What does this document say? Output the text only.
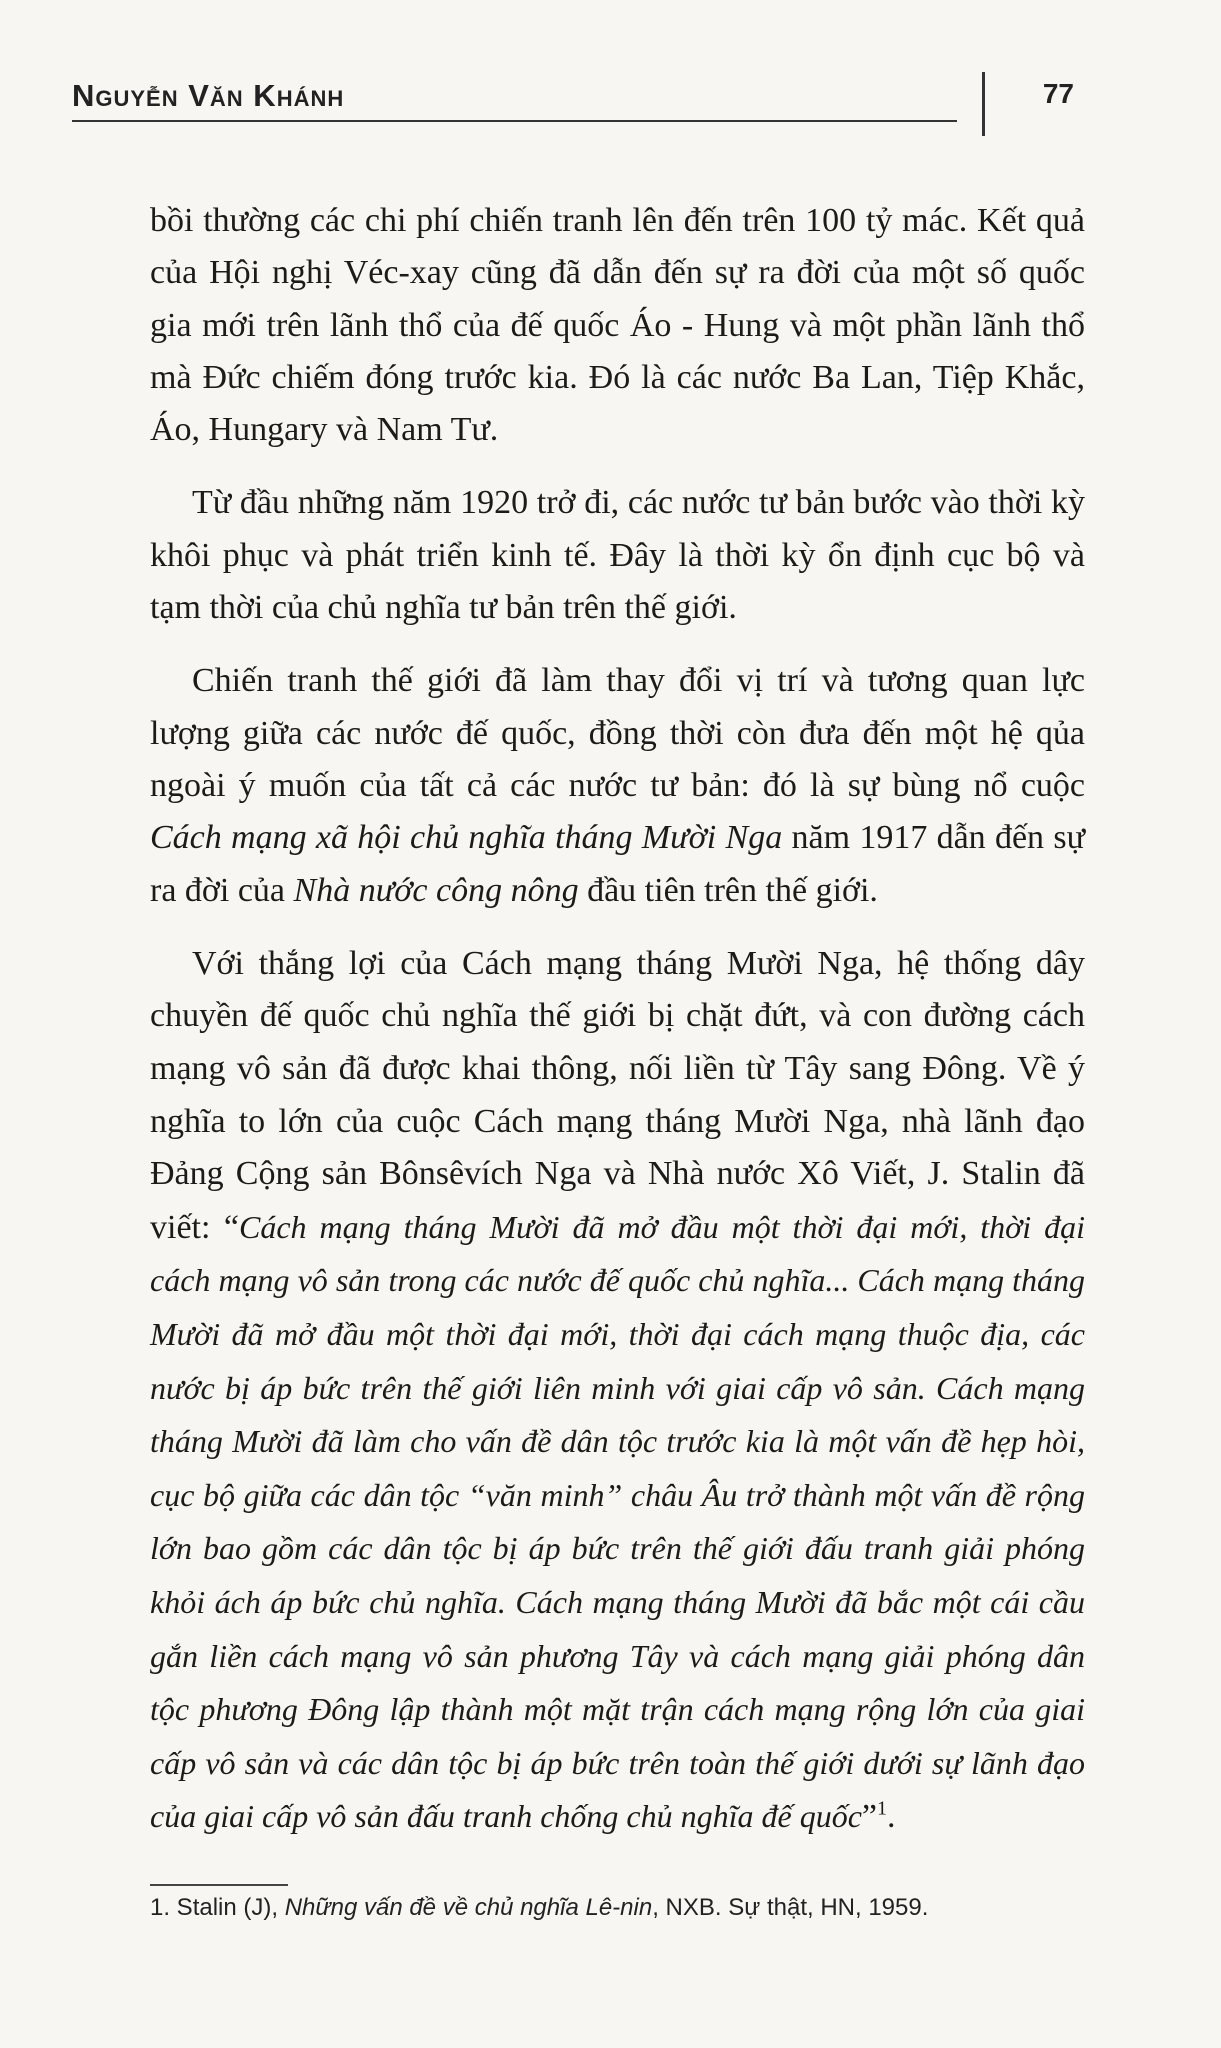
Nguyễn Văn Khánh	77

bồi thường các chi phí chiến tranh lên đến trên 100 tỷ mác. Kết quả của Hội nghị Véc-xay cũng đã dẫn đến sự ra đời của một số quốc gia mới trên lãnh thổ của đế quốc Áo - Hung và một phần lãnh thổ mà Đức chiếm đóng trước kia. Đó là các nước Ba Lan, Tiệp Khắc, Áo, Hungary và Nam Tư.

Từ đầu những năm 1920 trở đi, các nước tư bản bước vào thời kỳ khôi phục và phát triển kinh tế. Đây là thời kỳ ổn định cục bộ và tạm thời của chủ nghĩa tư bản trên thế giới.

Chiến tranh thế giới đã làm thay đổi vị trí và tương quan lực lượng giữa các nước đế quốc, đồng thời còn đưa đến một hệ qủa ngoài ý muốn của tất cả các nước tư bản: đó là sự bùng nổ cuộc Cách mạng xã hội chủ nghĩa tháng Mười Nga năm 1917 dẫn đến sự ra đời của Nhà nước công nông đầu tiên trên thế giới.

Với thắng lợi của Cách mạng tháng Mười Nga, hệ thống dây chuyền đế quốc chủ nghĩa thế giới bị chặt đứt, và con đường cách mạng vô sản đã được khai thông, nối liền từ Tây sang Đông. Về ý nghĩa to lớn của cuộc Cách mạng tháng Mười Nga, nhà lãnh đạo Đảng Cộng sản Bônsêvích Nga và Nhà nước Xô Viết, J. Stalin đã viết: “Cách mạng tháng Mười đã mở đầu một thời đại mới, thời đại cách mạng vô sản trong các nước đế quốc chủ nghĩa... Cách mạng tháng Mười đã mở đầu một thời đại mới, thời đại cách mạng thuộc địa, các nước bị áp bức trên thế giới liên minh với giai cấp vô sản. Cách mạng tháng Mười đã làm cho vấn đề dân tộc trước kia là một vấn đề hẹp hòi, cục bộ giữa các dân tộc “văn minh” châu Âu trở thành một vấn đề rộng lớn bao gồm các dân tộc bị áp bức trên thế giới đấu tranh giải phóng khỏi ách áp bức chủ nghĩa. Cách mạng tháng Mười đã bắc một cái cầu gắn liền cách mạng vô sản phương Tây và cách mạng giải phóng dân tộc phương Đông lập thành một mặt trận cách mạng rộng lớn của giai cấp vô sản và các dân tộc bị áp bức trên toàn thế giới dưới sự lãnh đạo của giai cấp vô sản đấu tranh chống chủ nghĩa đế quốc”$^1$.

1. Stalin (J), Những vấn đề về chủ nghĩa Lê-nin, NXB. Sự thật, HN, 1959.
